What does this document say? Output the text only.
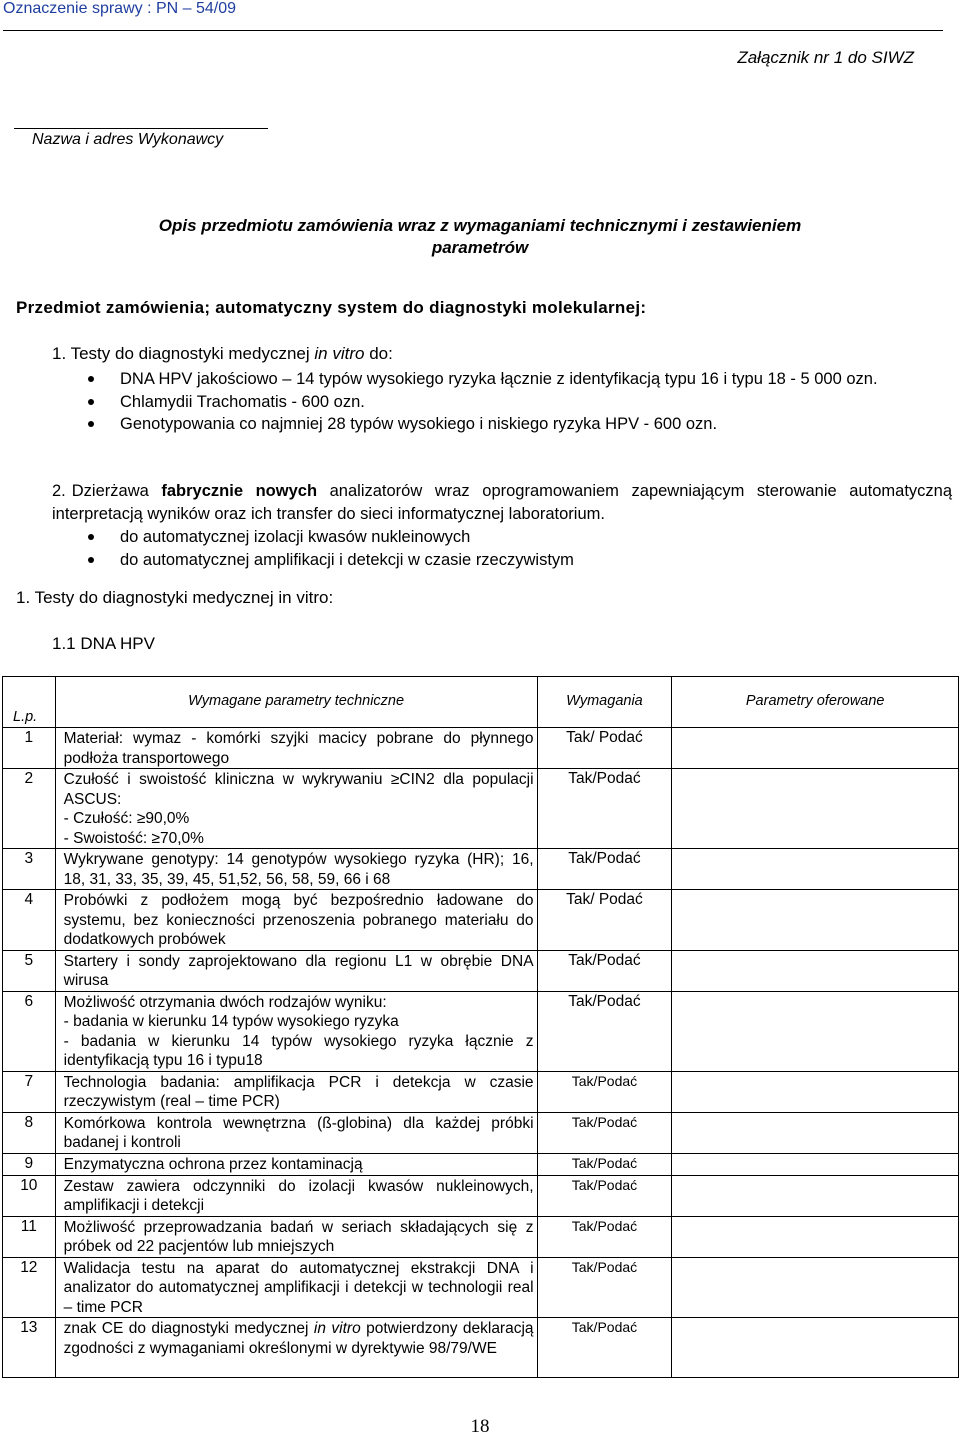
Oznaczenie sprawy : PN – 54/09
Załącznik nr 1 do SIWZ
Nazwa i adres Wykonawcy
Opis przedmiotu zamówienia wraz z wymaganiami technicznymi i zestawieniem
parametrów
Przedmiot zamówienia; automatyczny system do diagnostyki molekularnej:
1. Testy do diagnostyki medycznej in vitro do:
DNA HPV jakościowo – 14 typów wysokiego ryzyka łącznie z identyfikacją typu 16 i typu 18 - 5 000 ozn.
Chlamydii Trachomatis - 600 ozn.
Genotypowania co najmniej 28 typów wysokiego i niskiego ryzyka HPV - 600 ozn.
2. Dzierżawa fabrycznie nowych analizatorów wraz oprogramowaniem zapewniającym sterowanie automatyczną interpretacją wyników oraz ich transfer do sieci informatycznej laboratorium.
do automatycznej izolacji kwasów nukleinowych
do automatycznej amplifikacji i detekcji w czasie rzeczywistym
1. Testy do diagnostyki medycznej in vitro:
1.1 DNA HPV
L.p.	Wymagane parametry techniczne	Wymagania	Parametry oferowane
1	Materiał: wymaz - komórki szyjki macicy pobrane do płynnego podłoża transportowego	Tak/ Podać	
2	Czułość i swoistość kliniczna w wykrywaniu ≥CIN2 dla populacji ASCUS:
- Czułość: ≥90,0%
- Swoistość: ≥70,0%	Tak/Podać	
3	Wykrywane genotypy: 14 genotypów wysokiego ryzyka (HR); 16, 18, 31, 33, 35, 39, 45, 51,52, 56, 58, 59, 66 i 68	Tak/Podać	
4	Probówki z podłożem mogą być bezpośrednio ładowane do systemu, bez konieczności przenoszenia pobranego materiału do dodatkowych probówek	Tak/ Podać	
5	Startery i sondy zaprojektowano dla regionu L1 w obrębie DNA wirusa	Tak/Podać	
6	Możliwość otrzymania dwóch rodzajów wyniku:
- badania w kierunku 14 typów wysokiego ryzyka
- badania w kierunku 14 typów wysokiego ryzyka łącznie z identyfikacją typu 16 i typu18	Tak/Podać	
7	Technologia badania: amplifikacja PCR i detekcja w czasie rzeczywistym (real – time PCR)	Tak/Podać	
8	Komórkowa kontrola wewnętrzna (ß-globina) dla każdej próbki badanej i kontroli	Tak/Podać	
9	Enzymatyczna ochrona przez kontaminacją	Tak/Podać	
10	Zestaw zawiera odczynniki do izolacji kwasów nukleinowych, amplifikacji i detekcji	Tak/Podać	
11	Możliwość przeprowadzania badań w seriach składających się z próbek od 22 pacjentów lub mniejszych	Tak/Podać	
12	Walidacja testu na aparat do automatycznej ekstrakcji DNA i analizator do automatycznej amplifikacji i detekcji w technologii real – time PCR	Tak/Podać	
13	znak CE do diagnostyki medycznej in vitro potwierdzony deklaracją zgodności z wymaganiami określonymi w dyrektywie 98/79/WE	Tak/Podać	
18
